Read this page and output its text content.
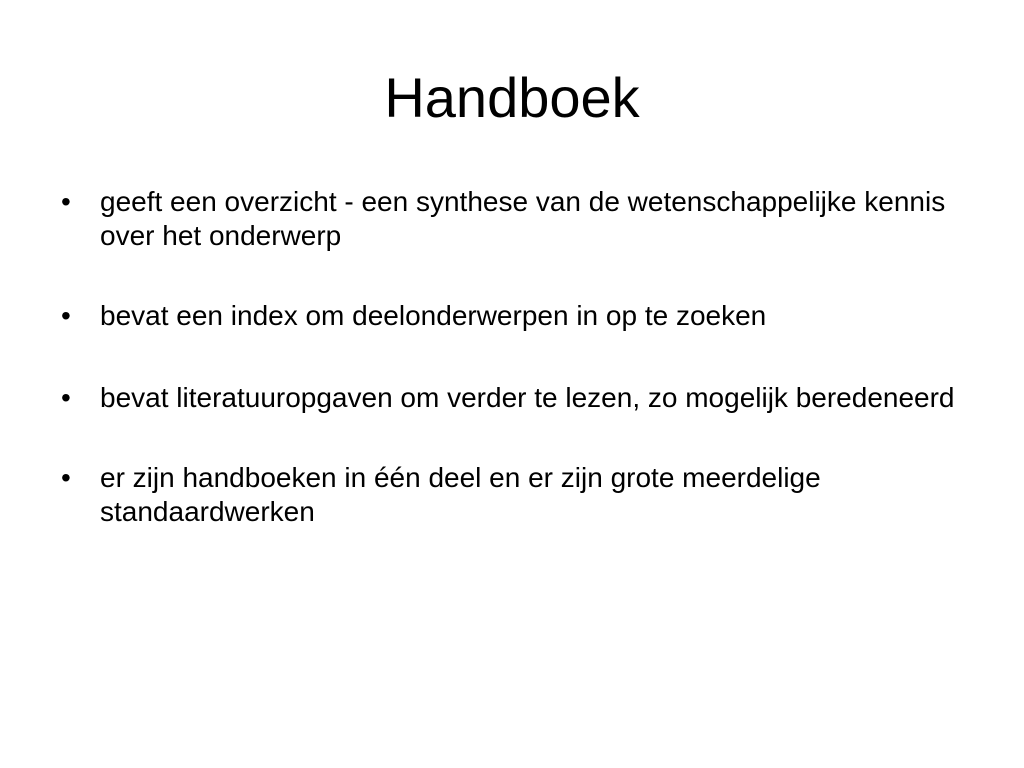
Handboek
•	geeft een overzicht - een synthese van de wetenschappelijke kennis over het onderwerp
•	bevat een index om deelonderwerpen in op te zoeken
•	bevat literatuuropgaven om verder te lezen, zo mogelijk beredeneerd
•	er zijn handboeken in één deel en er zijn grote meerdelige standaardwerken
